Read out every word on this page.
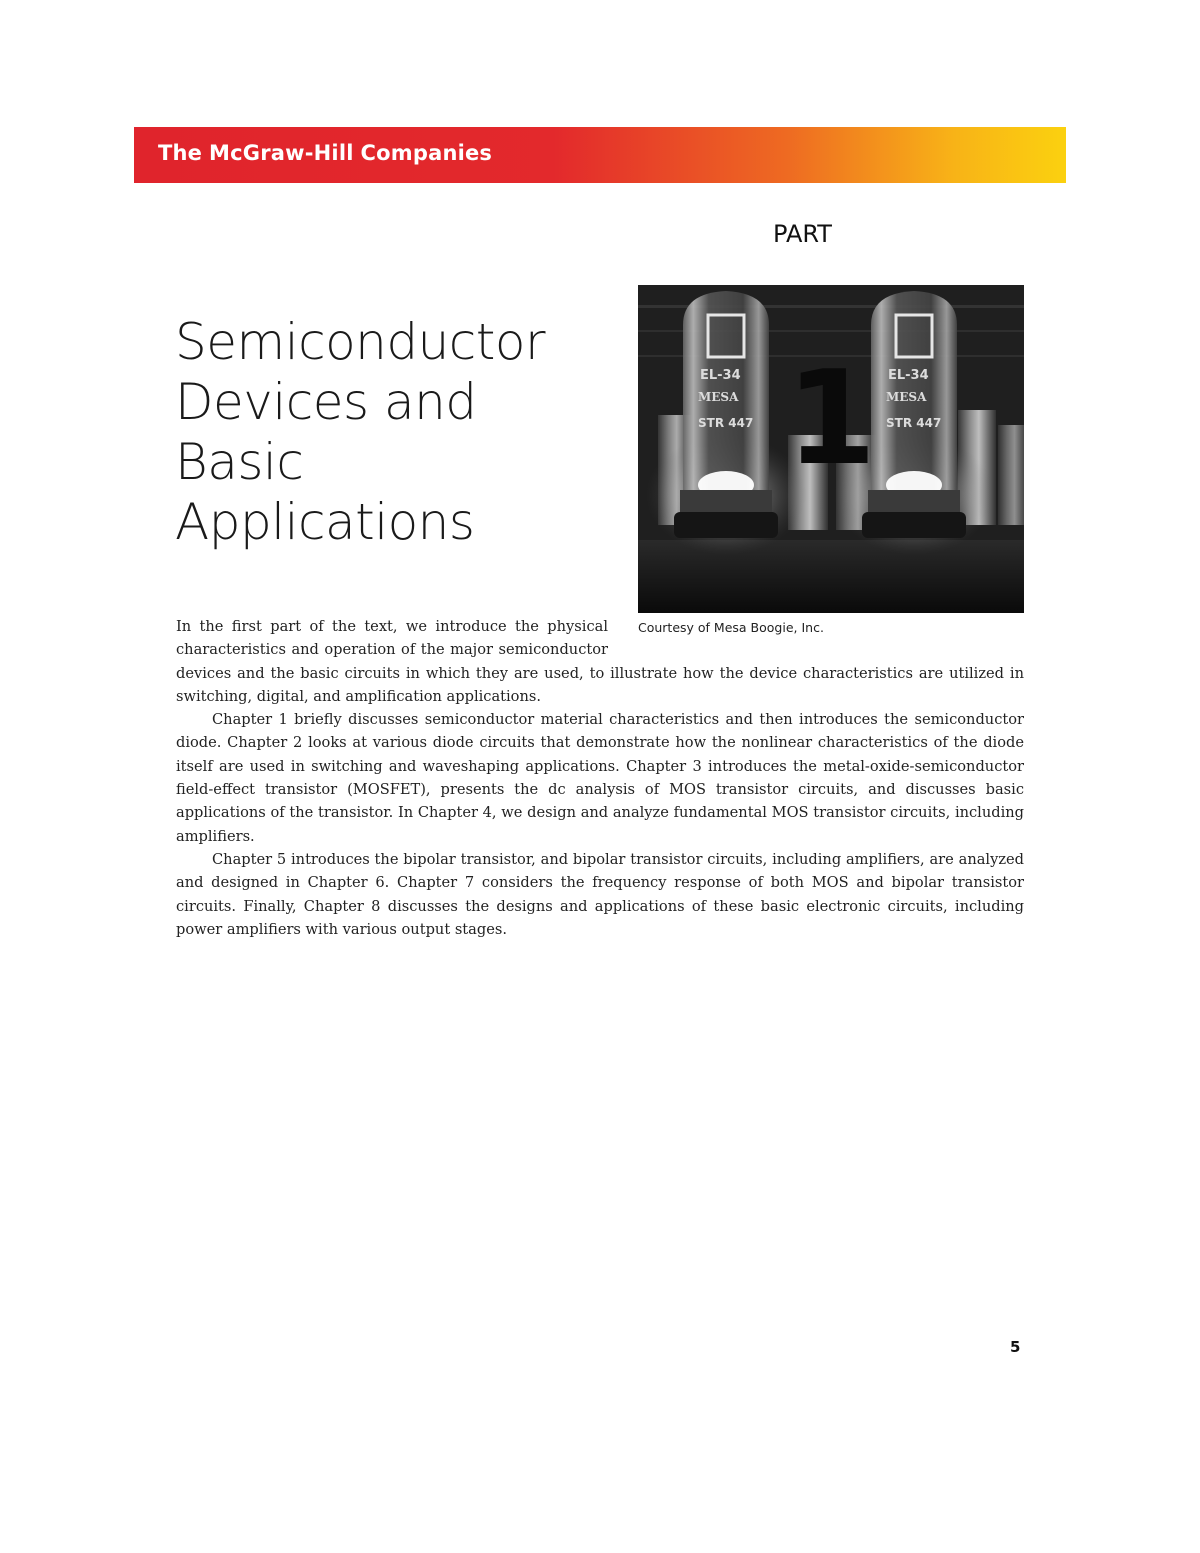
The McGraw-Hill Companies
PART
EL-34
MESA
STR 447
EL-34
MESA
STR 447
1
Courtesy of Mesa Boogie, Inc.
Semiconductor
Devices and
Basic
Applications

In the first part of the text, we introduce the physical characteristics and operation of the major semiconductor devices and the basic circuits in which they are used, to illustrate how the device characteristics are utilized in switching, digital, and amplification applications.

Chapter 1 briefly discusses semiconductor material characteristics and then introduces the semiconductor diode. Chapter 2 looks at various diode circuits that demonstrate how the nonlinear characteristics of the diode itself are used in switching and waveshaping applications. Chapter 3 introduces the metal-oxide-semiconductor field-effect transistor (MOSFET), presents the dc analysis of MOS transistor circuits, and discusses basic applications of the transistor. In Chapter 4, we design and analyze fundamental MOS transistor circuits, including amplifiers.

Chapter 5 introduces the bipolar transistor, and bipolar transistor circuits, including amplifiers, are analyzed and designed in Chapter 6. Chapter 7 considers the frequency response of both MOS and bipolar transistor circuits. Finally, Chapter 8 discusses the designs and applications of these basic electronic circuits, including power amplifiers with various output stages.

5
